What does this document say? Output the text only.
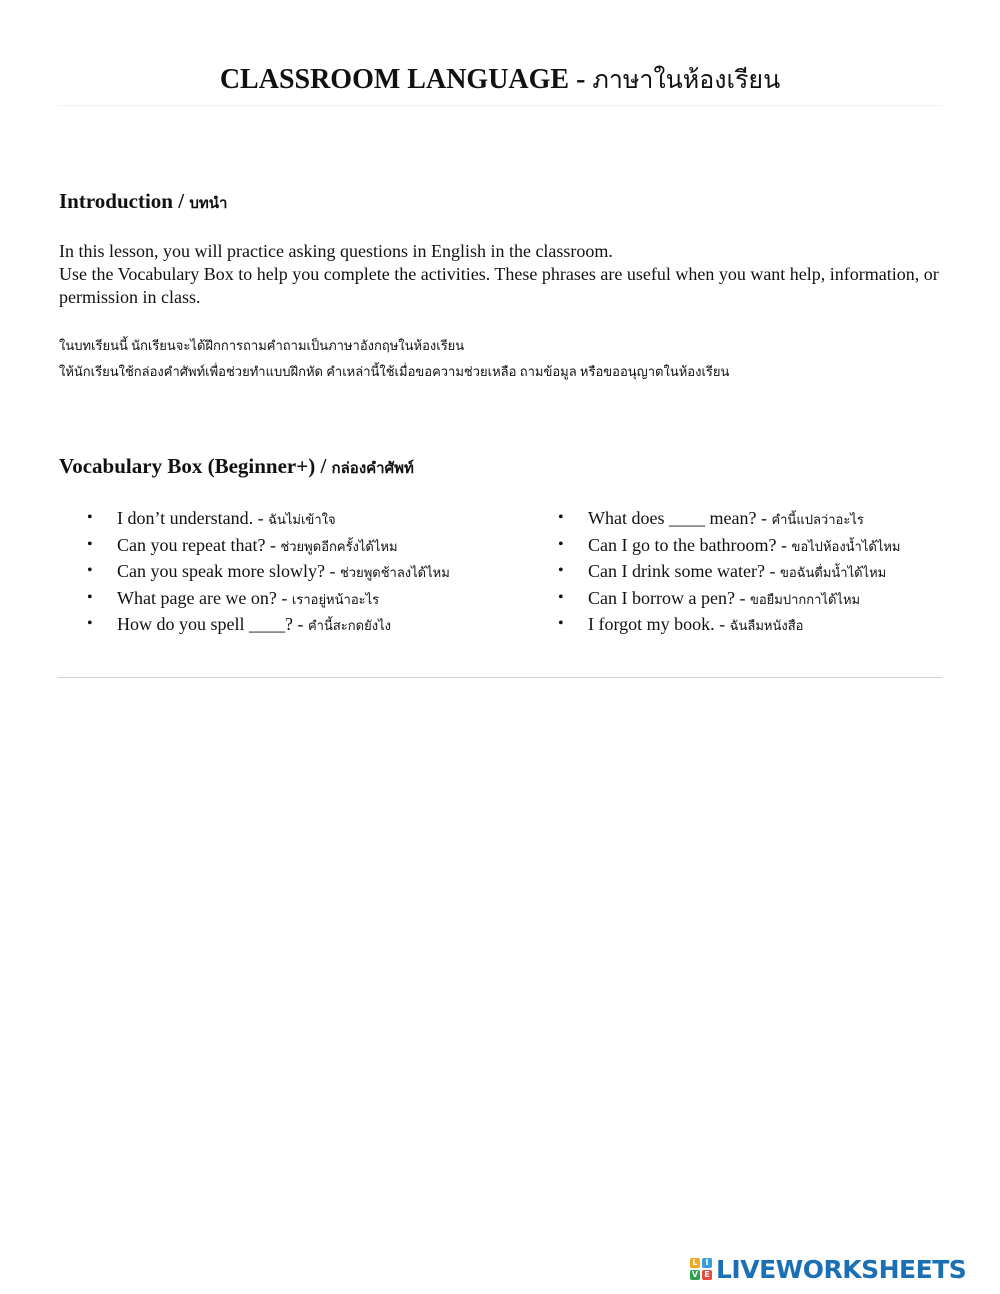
CLASSROOM LANGUAGE - ภาษาในห้องเรียน
Introduction / บทนำ

In this lesson, you will practice asking questions in English in the classroom.

Use the Vocabulary Box to help you complete the activities. These phrases are useful when you want help, information, or permission in class.

ในบทเรียนนี้ นักเรียนจะได้ฝึกการถามคำถามเป็นภาษาอังกฤษในห้องเรียน

ให้นักเรียนใช้กล่องคำศัพท์เพื่อช่วยทำแบบฝึกหัด คำเหล่านี้ใช้เมื่อขอความช่วยเหลือ ถามข้อมูล หรือขออนุญาตในห้องเรียน

Vocabulary Box (Beginner+) / กล่องคำศัพท์
• I don’t understand. - ฉันไม่เข้าใจ
• Can you repeat that? - ช่วยพูดอีกครั้งได้ไหม
• Can you speak more slowly? - ช่วยพูดช้าลงได้ไหม
• What page are we on? - เราอยู่หน้าอะไร
• How do you spell ____? - คำนี้สะกดยังไง
• What does ____ mean? - คำนี้แปลว่าอะไร
• Can I go to the bathroom? - ขอไปห้องน้ำได้ไหม
• Can I drink some water? - ขอฉันดื่มน้ำได้ไหม
• Can I borrow a pen? - ขอยืมปากกาได้ไหม
• I forgot my book. - ฉันลืมหนังสือ
L I
V E LIVEWORKSHEETS
